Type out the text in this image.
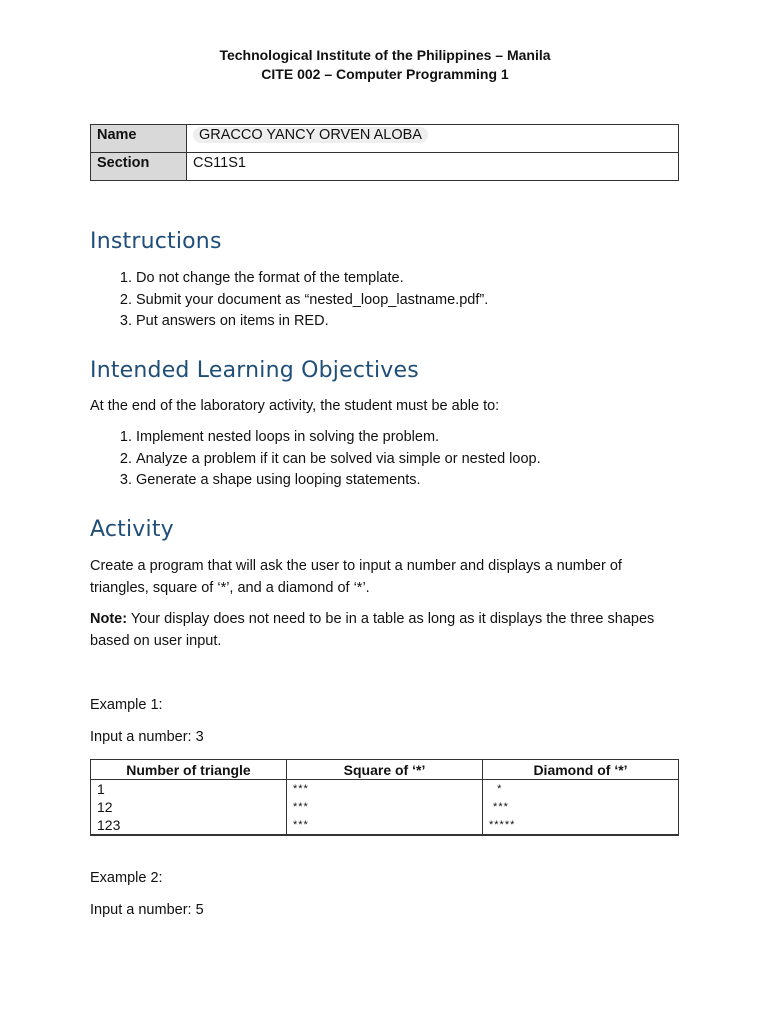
Technological Institute of the Philippines – Manila
CITE 002 – Computer Programming 1
Name	GRACCO YANCY ORVEN ALOBA
Section	CS11S1
Instructions
1. Do not change the format of the template.
2. Submit your document as “nested_loop_lastname.pdf”.
3. Put answers on items in RED.
Intended Learning Objectives

At the end of the laboratory activity, the student must be able to:

1. Implement nested loops in solving the problem.
2. Analyze a problem if it can be solved via simple or nested loop.
3. Generate a shape using looping statements.
Activity

Create a program that will ask the user to input a number and displays a number of triangles, square of ‘*’, and a diamond of ‘*’.

Note: Your display does not need to be in a table as long as it displays the three shapes based on user input.

Example 1:

Input a number: 3

Number of triangle	Square of ‘*’	Diamond of ‘*’
1	***	*
12	***	***
123	***	*****

Example 2:

Input a number: 5
